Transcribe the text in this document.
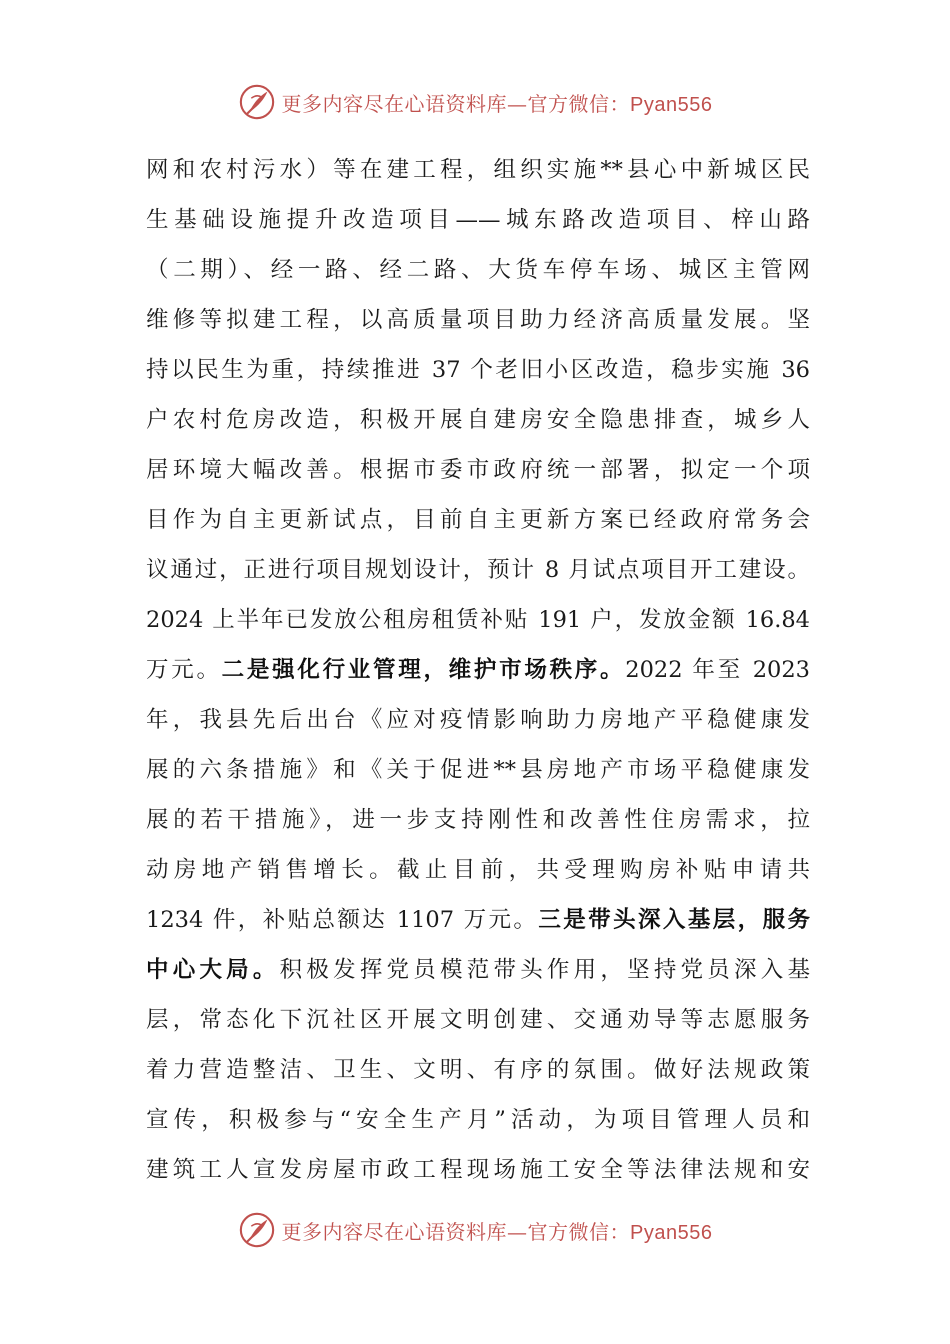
更多内容尽在心语资料库—官方微信：Pyan556
网和农村污水）等在建工程，组织实施**县心中新城区民
生基础设施提升改造项目——城东路改造项目、梓山路
（二期）、经一路、经二路、大货车停车场、城区主管网
维修等拟建工程，以高质量项目助力经济高质量发展。坚
持以民生为重，持续推进 37 个老旧小区改造，稳步实施 36
户农村危房改造，积极开展自建房安全隐患排查，城乡人
居环境大幅改善。根据市委市政府统一部署，拟定一个项
目作为自主更新试点，目前自主更新方案已经政府常务会
议通过，正进行项目规划设计，预计 8 月试点项目开工建设。
2024 上半年已发放公租房租赁补贴 191 户，发放金额 16.84
万元。二是强化行业管理，维护市场秩序。2022 年至 2023
年，我县先后出台《应对疫情影响助力房地产平稳健康发
展的六条措施》和《关于促进**县房地产市场平稳健康发
展的若干措施》，进一步支持刚性和改善性住房需求，拉
动房地产销售增长。截止目前，共受理购房补贴申请共
1234 件，补贴总额达 1107 万元。三是带头深入基层，服务
中心大局。积极发挥党员模范带头作用，坚持党员深入基
层，常态化下沉社区开展文明创建、交通劝导等志愿服务
着力营造整洁、卫生、文明、有序的氛围。做好法规政策
宣传，积极参与“安全生产月”活动，为项目管理人员和
建筑工人宣发房屋市政工程现场施工安全等法律法规和安
更多内容尽在心语资料库—官方微信：Pyan556
